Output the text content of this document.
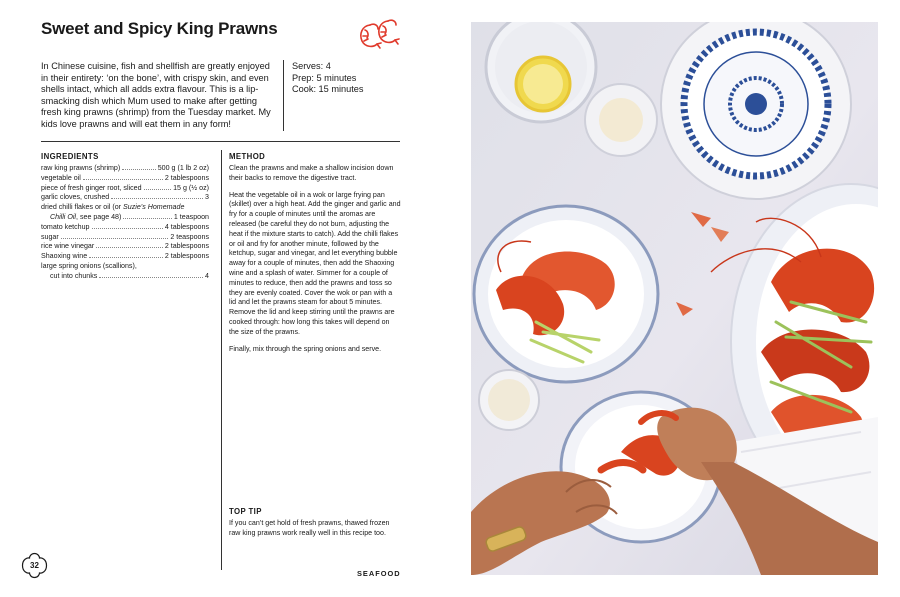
Sweet and Spicy King Prawns
In Chinese cuisine, fish and shellfish are greatly enjoyed in their entirety: ‘on the bone’, with crispy skin, and even shells intact, which all adds extra flavour. This is a lip-smacking dish which Mum used to make after getting fresh king prawns (shrimp) from the Tuesday market. My kids love prawns and will eat them in any form!
Serves: 4
Prep: 5 minutes
Cook: 15 minutes
INGREDIENTS
raw king prawns (shrimp)	500 g (1 lb 2 oz)
vegetable oil	2 tablespoons
piece of fresh ginger root, sliced	15 g (½ oz)
garlic cloves, crushed	3
dried chilli flakes or oil (or Suzie’s Homemade
Chilli Oil, see page 48)	1 teaspoon
tomato ketchup	4 tablespoons
sugar	2 teaspoons
rice wine vinegar	2 tablespoons
Shaoxing wine	2 tablespoons
large spring onions (scallions),
cut into chunks	4
METHOD

Clean the prawns and make a shallow incision down their backs to remove the digestive tract.

Heat the vegetable oil in a wok or large frying pan (skillet) over a high heat. Add the ginger and garlic and fry for a couple of minutes until the aromas are released (be careful they do not burn, adjusting the heat if the mixture starts to catch). Add the chilli flakes or oil and fry for another minute, followed by the ketchup, sugar and vinegar, and let everything bubble away for a couple of minutes, then add the Shaoxing wine and a splash of water. Simmer for a couple of minutes to reduce, then add the prawns and toss so they are evenly coated. Cover the wok or pan with a lid and let the prawns steam for about 5 minutes. Remove the lid and keep stirring until the prawns are cooked through: how long this takes will depend on the size of the prawns.

Finally, mix through the spring onions and serve.

TOP TIP

If you can’t get hold of fresh prawns, thawed frozen raw king prawns work really well in this recipe too.

32
SEAFOOD
